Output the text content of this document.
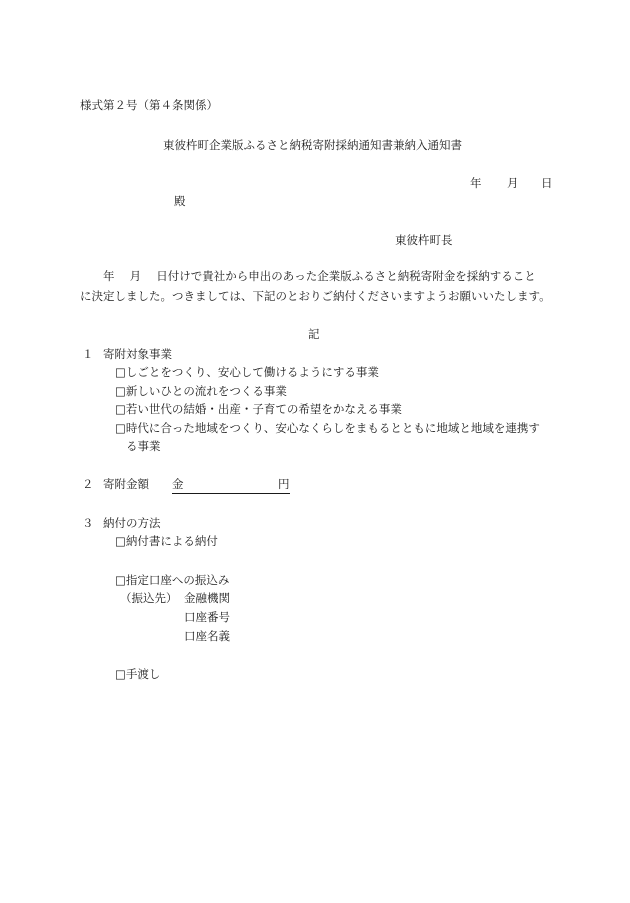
様式第２号（第４条関係）
東彼杵町企業版ふるさと納税寄附採納通知書兼納入通知書
年 月 日
殿
東彼杵町長
年　 月　 日付けで貴社から申出のあった企業版ふるさと納税寄附金を採納すること
に決定しました。つきましては、下記のとおりご納付くださいますようお願いいたします。
記
１ 寄附対象事業
□しごとをつくり、安心して働けるようにする事業
□新しいひとの流れをつくる事業
□若い世代の結婚・出産・子育ての希望をかなえる事業
□時代に合った地域をつくり、安心なくらしをまもるとともに地域と地域を連携す
る事業
２ 寄附金額 金	円
３ 納付の方法
□納付書による納付
□指定口座への振込み
（振込先） 金融機関
口座番号
口座名義
□手渡し
